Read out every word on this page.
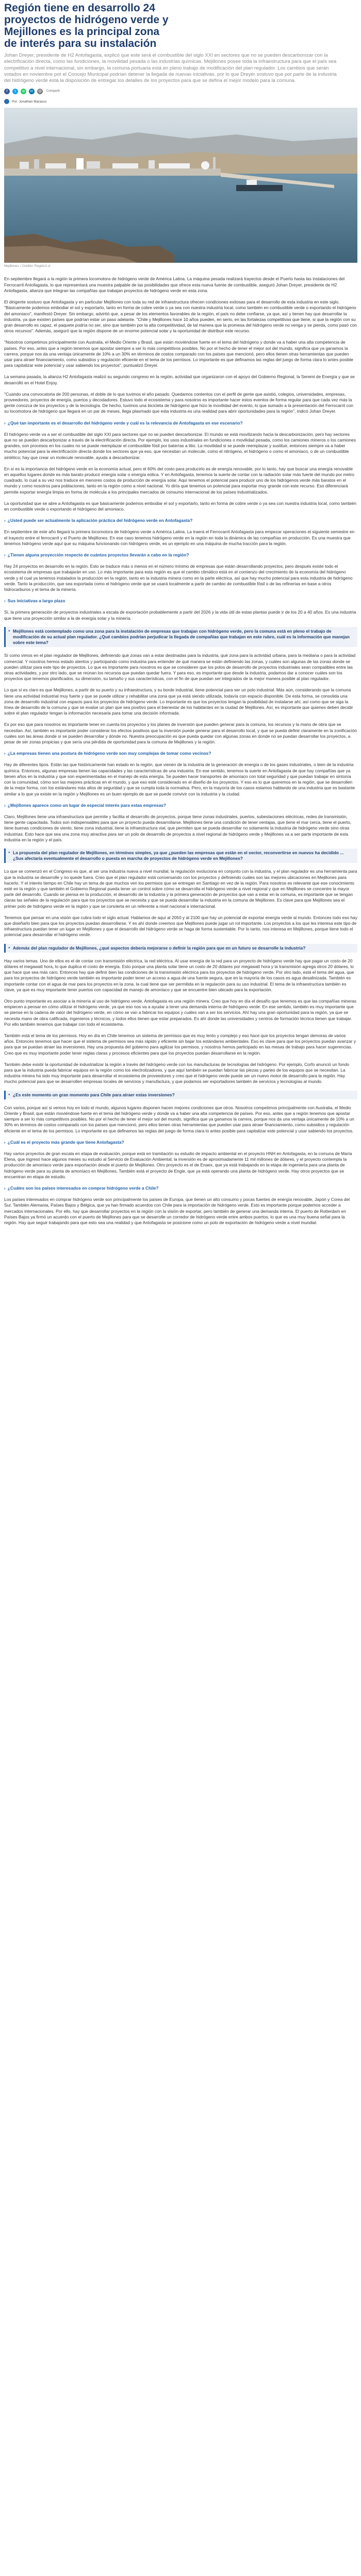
Región tiene en desarrollo 24 proyectos de hidrógeno verde y Mejillones es la principal zona de interés para su instalación

Johan Dreyer, presidente de H2 Antofagasta, explicó que este será el combustible del siglo XXI en sectores que no se pueden descarbonizar con la electrificación directa, como las fundiciones, la movilidad pesada o las industrias químicas. Mejillones posee toda la infraestructura para que el país sea competitivo a nivel internacional, sin embargo, la comuna portuaria está en pleno trabajo de modificación del plan regulador. Los cambios que serán votados en noviembre por el Concejo Municipal podrían detener la llegada de nuevas iniciativas, por lo que Dreyer sostuvo que por parte de la industria del hidrógeno verde está la disposición de entregar los detalles de los proyectos para que se defina el mejor modelo para la comuna.

f	t	w	in	@	Compartir
Por: Jonathan Marasco

Mejillones / Crédito: Región2.cl

En septiembre llegará a la región la primera locomotora de hidrógeno verde de América Latina. La máquina pesada realizará trayectos desde el Puerto hasta las instalaciones del Ferrocarril Antofagasta, lo que representará una muestra palpable de las posibilidades que ofrece esta nueva fuente de combustible, aseguró Johan Dreyer, presidente de H2 Antofagasta, alianza que integran las compañías que trabajan proyectos de hidrógeno verde en esta zona.

El dirigente sostuvo que Antofagasta y en particular Mejillones con toda su red de infraestructura ofrecen condiciones exitosas para el desarrollo de esta industria en este siglo. "Básicamente podemos embodiar el sol y exportarlo, tanto en forma de cobre verde o ya sea con nuestra industria local, como también en combustible verde o exportando el hidrógeno del amoniaco", manifestó Dreyer. Sin embargo, advirtió que, a pesar de los elementos favorables de la región, el país no debe confiarse, ya que, así y tienen hay que desarrollar la industria, ya que existen países que podrían estar un paso adelante. "Chile y Mejillones hace 10 años pueden, en serio, en las fortalezas competitivas que tiene, si que la región con su gran desarrollo es capaz, el paquete podría no ser, sino que también por la alta competitividad, de tal manera que la promesa del hidrógeno verde no venga y se pierda, como pasó con otros recursos". Además, aseguró que la región dispone de un enorme potencial solar y la oportunidad de distribuir este recurso.

"Nosotros competimos principalmente con Australia, el Medio Oriente y Brasil, que están moviéndose fuerte en el tema del hidrógeno y donde va a haber una alta competencia de países. Por eso, antes que a región tenemos que apostar siempre a ser lo más competitivos posibles. No por el hecho de tener el mejor sol del mundo, significa que ya ganamos la carrera, porque nos da una ventaja únicamente de 10% a un 30% en términos de costos comparado con los países que mencionó, pero ellos tienen otras herramientas que pueden usar para atraer financiamiento, como subsidios y regulación eficiente en el tema de los permisos. Lo importante es que definamos las reglas del juego de forma clara lo antes posible para capitalizar este potencial y usar sabiendo los proyectos", puntualizó Dreyer.

La semana pasada, la alianza H2 Antofagasta realizó su segundo congreso en la región, actividad que organizaron con el apoyo del Gobierno Regional, la Seremi de Energía y que se desarrolló en el Hotel Enjoy.

"Cuando una convocatoria de 200 personas, el doble de lo que tuvimos el año pasado. Quedamos contentos con el perfil de gente que asistió, colegios, universidades, empresas, proveedores, proyectos de energía, puertos y decodadores. Estuvo todo el ecosistema y para nosotros es importante hacer estos eventos de forma regular para que cada vez más la gente conozca de los proyectos y de la tecnología. De hecho, tuvimos una bicicleta de hidrógeno que hizo la movilidad del evento, lo que sumado a la presentación del Ferrocarril con su locomotora de hidrógeno que llegará en un par de meses, llega plasmado que esta industria es una realidad para abrir oportunidades para la región", indicó Johan Dreyer.

› ¿Qué tan importante es el desarrollo del hidrógeno verde y cuál es la relevancia de Antofagasta en ese escenario?

El hidrógeno verde va a ser el combustible del siglo XXI para sectores que no se pueden descarbonizar. El mundo se está movilizando hacia la descarbonización, pero hay sectores que no se pueden descarbonizar a través de la electrificación directa. Por ejemplo, los usos industriales en fundiciones o movilidad pesada, como los camiones mineros o los camiones grandes, son procesos en los cuales no se puede reemplazar el combustible fósil por baterías a litio. La movilidad si se puede reemplazar y sustituir, entonces siempre va a haber mucho potencial para la electrificación directa donde los sectores que ya eso, que necesitan un molecule, como el nitrógeno, el hidrógeno o como el amoniaco, o de un combustible sintético; hay que crear un molecule renovable, ayuda a descarbonizar.

En sí es la importancia del hidrógeno verde en la economía actual, pero el 60% del costo para producirlo es de energía renovable, por lo tanto, hay que buscar una energía renovable en aquellos lugares donde es más barato producir energía solar o energía eólica. Y en Antofagasta, tenemos la suerte de contar con la radiación solar más fuerte del mundo por metro cuadrado, lo cual a su vez nos traduce en menores costos de producción de energía solar. Aquí tenemos el potencial para producir uno de los hidrógenos verde más baratos en el mundo y como nosotros para poblaciones, tanto en la región como a nivel nacional. Yo diría que tenemos un potencial para exportar muy grande con este recurso. Eso diferenciará permite exportar energía limpia en forma de molécula a los principales mercados de consumo internacional de los países industrializados.

La oportunidad que se abre a Antofagasta es que básicamente podemos embodiar el sol y exportarlo, tanto en forma de cobre verde o ya sea con nuestra industria local, como también en combustible verde o exportando el hidrógeno del amoniaco.

› ¿Usted puede ser actualmente la aplicación práctica del hidrógeno verde en Antofagasta?

En septiembre de este año llegará la primera locomotora de hidrógeno verde a América Latina. La traerá el Ferrocarril Antofagasta para empezar operaciones el siguiente semestre en el trayecto entre el ferrocarril y el Puerto de Mejillones. En ese caso tenemos hidrógeno verde en la región en toda la dinámica de las compañías en producción. Es una muestra que tenemos hidrógeno verde aquí que su máquina funcionando con hidrógeno verde, es un ejemplo en una máquina de mucha tracción para la región.

› ¿Tienen alguna proyección respecto de cuántos proyectos llevarán a cabo en la región?

Hay 24 proyectos en desarrollo en la región. Esto se traduce más o menos en el número mínimo de empresas que están desarrollando proyectos, pero después existe todo el ecosistema de empresas que trabajarán en uso. Lo más importante para esta región es que el cambio climático está en el comienzo del crecimiento de la economía del hidrógeno verde y el cual ya tenemos instalados la producción en la región, tanto en la industria minera como en la parte eléctrica, así que hay mucho potencial para esta industria de hidrógeno verde. Tanto la producción, que sea exportada como el hidrógeno verde que se usará localmente a partir de cambio de combustible fósil o de las refinerías en base a otros hidrocarburos y el tema de la minería.

› Sus iniciativas a largo plazo

Sí, la primera generación de proyectos industriales a escala de exportación probablemente a partir del 2026 y la vida útil de estas plantas puede ir de los 20 a 40 años. Es una industria que tiene una proyección similar a la de energía solar y la minería.

● Mejillones está contemplado como una zona para la instalación de empresas que trabajan con hidrógeno verde, pero la comuna está en pleno el trabajo de modificación de su actual plan regulador. ¿Qué cambios podrían perjudicar la llegada de compañías que trabajan en este rubro, cuál es la información que manejan sobre este tema?

Sí como vimos en el plan regulador de Mejillones, definiendo qué zonas van a estar destinadas para la industria, qué zona para la actividad urbana, para la mediana o para la actividad comercial. Y nosotros hemos estado atentos y participando como industria para entender de qué manera se están definiendo las zonas, y cuáles son algunas de las zonas donde se pueden utilizar para este tipo de proyectos. Lo que es importante para nosotros es que se consideren que los polos de desarrollo de proyectos industriales sean compatibles entre las otras actividades, y por otro lado, que se reúnan los recursos que puedan quedar fuera. Y para eso, es importante que desde la industria, podamos dar a conocer cuáles son los proyectos que tenemos planificados, su dimensión, su tamaño y sus características, con el fin de que puedan ser integrados de la mejor manera posible al plan regulador.

Lo que sí es claro es que Mejillones, a partir de su puerto y su infraestructura, y su borde industrial, tiene potencial para ser un polo industrial. Más aún, considerando que la comuna tiene una actividad industrial muy fuerte y que se puede utilizar y rehabilitar una zona que ya está siendo utilizada, todavía con espacio disponible. De esta forma, se consolida una zona de desarrollo industrial con espacio para los proyectos de hidrógeno verde. Lo importante es que los proyectos tengan la posibilidad de instalarse ahí, así como que se siga la línea de desarrollo de la comuna y que se evalúe un plan que sea positivo para el bienestar de los habitantes en la ciudad de Mejillones. Así, es importante que quienes deben decidir sobre el plan regulador tengan la información necesaria para tomar una decisión informada.

Es por eso que para nosotros es importante tener en cuenta los proyectos y los planes de inversión que pueden generar para la comuna, los recursos y la mano de obra que se necesitan. Así, también es importante poder considerar los efectos positivos que la inversión puede generar para el desarrollo local, y que se pueda definir claramente en la zonificación cuáles son las áreas donde sí se pueden desarrollar y dónde no. Nuestra preocupación es que pueda quedar con algunas zonas en donde no se puedan desarrollar los proyectos, a pesar de ser zonas propicias y que sería una pérdida de oportunidad para la comuna de Mejillones y la región.

› ¿La empresas tienen una postura de hidrógeno verde son muy complejas de tomar como vecinos?

Hay de diferentes tipos. Están las que históricamente han estado en la región, que vienen de la industria de la generación de energía o de los gases industriales, o bien de la industria química. Entonces, algunas empresas tienen las capacidades y las características de una industria. En ese sentido, tenemos la suerte en Antofagasta de que hay compañías que ya tienen años en la industria y que son experimentadas en el manejo de esta energía. Se pueden hacer transportes de amoníaco con total seguridad y que puedan trabajar en sintonía con la comunidad, cómo son las mejores prácticas en el mundo, y que eso esté considerado en el diseño de los proyectos. Y eso es lo que queremos en la región, que se desarrollen de la mejor forma, con los estándares más altos de seguridad y que se cumpla toda la normativa. Pero, en la mayoría de los casos estamos hablando de una industria que es bastante similar a lo que ya existe en la región y Mejillones es un buen ejemplo de que se puede convivir con la industria y la ciudad.

› ¿Mejillones aparece como un lugar de especial interés para estas empresas?

Claro, Mejillones tiene una infraestructura que permite y facilita el desarrollo de proyectos, porque tiene zonas industriales, puertos, subestaciones eléctricas, redes de transmisión, tiene gente capacitada. Todos son indispensables para que un proyecto pueda desarrollarse. Mejillones tiene una condición de tener ventajas, que tiene el mar cerca, tiene el puerto, tiene buenas condiciones de viento, tiene zona industrial, tiene la infraestructura vial, que permiten que se pueda desarrollar no solamente la industria de hidrógeno verde sino otras industrias. Esto hace que sea una zona muy atractiva para ser un polo de desarrollo de proyectos a nivel regional de hidrógeno verde y Mejillones va a ser parte importante de esta industria en la región y el país.

● La propuesta del plan regulador de Mejillones, en términos simples, ya que ¿pueden las empresas que están en el sector, reconvertirse en nuevos ha decidido ... ¿Sus afectaría eventualmente el desarrollo o puesta en marcha de proyectos de hidrógeno verde en Mejillones?

Lo que se comenzó en el Congreso es que, al ser una industria nueva a nivel mundial, la regulación evoluciona en conjunto con la industria, y el plan regulador es una herramienta para que la industria se desarrolle y no quede fuera. Creo que el plan regulador está conversando con los proyectos y definiendo cuáles son las mejores ubicaciones en Mejillones para hacerlo. Y el interés tiempo en Chile hay un tema de que muchos ven los permisos que se entregan en Santiago en vez de la región. Para nosotros es relevante que ese conocimiento esté en la región y que también el Gobierno Regional pueda tener un control sobre cómo se desarrolla el hidrógeno verde a nivel regional y que en Mejillones se concentre la mayor parte del desarrollo. Cuando se piensa en la producción, el desarrollo de la industria y la primera generación de proyectos que van a estar en la comuna, es importante que se tengan claras las señales de la regulación para que los proyectos que se necesita y que se pueda desarrollar la industria en la comuna de Mejillones. Es clave para que Mejillones sea el primer polo de hidrógeno verde en la región y que se convierta en un referente a nivel nacional e internacional.

Tenemos que pensar en una visión que cubra todo el siglo actual. Hablamos de aquí al 2050 y al 2100 que hay un potencial de exportar energía verde al mundo. Entonces todo eso hay que diseñarlo bien para que los proyectos puedan desarrollarse. Y es ahí donde creemos que Mejillones puede jugar un rol importante. Los proyectos a los que les interesa este tipo de infraestructura puedan tener un lugar en Mejillones y que el desarrollo del hidrógeno verde se haga de forma sustentable. Por lo tanto, nos interesa en Mejillones, porque tiene todo el potencial para desarrollar el hidrógeno verde.

● Además del plan regulador de Mejillones, ¿qué aspectos debería mejorarse o definir la región para que en un futuro se desarrolle la industria?

Hay varios temas. Uno de ellos es el de contar con transmisión eléctrica, la red eléctrica. Al usar energía de la red para un proyecto de hidrógeno verde hay que pagar un costo de 20 dólares el megawatt hora, lo que duplica el costo de energía. Esto porque una planta solar tiene un costo de 20 dólares por megawatt hora y la transmisión agrega otros 20 dólares, lo que hace que sea más caro. Entonces hay que definir bien las condiciones de la transmisión eléctrica para los proyectos de hidrógeno verde. Por otro lado, está el tema del agua, que para los proyectos de hidrógeno verde también es importante poder tener un acceso a agua de una fuente segura, que en la mayoría de los casos es agua desalinizada. También es importante contar con el agua de mar para los proyectos en la zona, la cual tiene que ser permitida en la regulación para su uso industrial. El tema de la infraestructura también es clave, ya que es muy importante tener puertos con capacidad de manejo de amoníaco y que se encuentre bien ubicado para la exportación.

Otro punto importante es asociar a la minería al uso de hidrógeno verde. Antofagasta es una región minera. Creo que hoy en día el desafío que tenemos es que las compañías mineras empiecen a pensar en cómo utilizar el hidrógeno verde, ya que eso nos va a ayudar a tener una demanda interna de hidrógeno verde. En ese sentido, también es muy importante que se piense en la cadena de valor del hidrógeno verde, en cómo se van a fabricar los equipos y cuáles van a ser los servicios. Ahí hay una gran oportunidad para la región, ya que se necesita mano de obra calificada, ingenieros y técnicos, y todos ellos tienen que estar preparados. Es ahí donde las universidades y centros de formación técnica tienen que trabajar. Por ello también tenemos que trabajar con todo el ecosistema.

También está el tema de los permisos. Hoy en día en Chile tenemos un sistema de permisos que es muy lento y complejo y eso hace que los proyectos tengan demoras de varios años. Entonces tenemos que hacer que el sistema de permisos sea más rápido y eficiente sin bajar los estándares ambientales. Eso es clave para que los proyectos puedan avanzar y para que se puedan atraer las inversiones. Hay una propuesta del gobierno para agilizar los permisos, y nosotros hemos participado en las mesas de trabajo para hacer sugerencias. Creo que es muy importante poder tener reglas claras y procesos eficientes para que los proyectos puedan desarrollarse en la región.

También debe existir la oportunidad de industrializar la región a través del hidrógeno verde con los manufacturas de tecnologías del hidrógeno. Por ejemplo, Corfo anunció un fondo para que la industria pueda fabricar equipos en la región como los electrolizadores, y que aquí también se puedan fabricar las piezas y partes de los equipos que se necesitan. La industria minera ha sido muy importante para desarrollar el ecosistema de proveedores y creo que el hidrógeno verde puede ser un nuevo motor de desarrollo para la región. Hay mucho potencial para que se desarrollen empresas locales de servicios y manufactura, y que podamos ser exportadores también de servicios y tecnologías al mundo.

● ¿Es este momento un gran momento para Chile para atraer estas inversiones?

Con varios, porque así si vemos hoy en todo el mundo, algunos lugares disponen hacen mejores condiciones que otros. Nosotros competimos principalmente con Australia, el Medio Oriente y Brasil, que están moviéndose fuerte en el tema del hidrógeno verde y donde va a haber una alta competencia de países. Por eso, antes que a región tenemos que apostar siempre a ser lo más competitivos posibles. No por el hecho de tener el mejor sol del mundo, significa que ya ganamos la carrera, porque nos da una ventaja únicamente de 10% a un 30% en términos de costos comparado con los países que mencionó, pero ellos tienen otras herramientas que pueden usar para atraer financiamiento, como subsidios y regulación eficiente en el tema de los permisos. Lo importante es que definamos las reglas del juego de forma clara lo antes posible para capitalizar este potencial y usar sabiendo los proyectos.

› ¿Cuál es el proyecto más grande que tiene Antofagasta?

Hay varios proyectos de gran escala en etapa de evaluación, porque está en tramitación su estudio de impacto ambiental en el proyecto HNH en Antofagasta, en la comuna de María Elena, que ingresó hace algunos meses su estudio al Servicio de Evaluación Ambiental; la inversión es de aproximadamente 11 mil millones de dólares, y el proyecto contempla la producción de amoníaco verde para exportación desde el puerto de Mejillones. Otro proyecto es el de Enaex, que ya está trabajando en la etapa de ingeniería para una planta de hidrógeno verde para su planta de amoníaco en Mejillones. También está el proyecto de Engie, que ya está operando una planta de hidrógeno verde. Hay otros proyectos que se encuentran en etapa de estudio.

› ¿Cuáles son los países interesados en comprar hidrógeno verde a Chile?

Los países interesados en comprar hidrógeno verde son principalmente los países de Europa, que tienen un alto consumo y pocas fuentes de energía renovable, Japón y Corea del Sur. También Alemania, Países Bajos y Bélgica, que ya han firmado acuerdos con Chile para la importación de hidrógeno verde. Esto es importante porque podemos acceder a mercados internacionales. Por ello, hay que desarrollar proyectos en la región con la visión de exportar, pero también de generar una demanda interna. El puerto de Rotterdam en Países Bajos ya firmó un acuerdo con el puerto de Mejillones para que se desarrolle un corredor de hidrógeno verde entre ambos puertos, lo que es una muy buena señal para la región. Hay que seguir trabajando para que esto sea una realidad y que Antofagasta se posicione como un polo de exportación de hidrógeno verde a nivel mundial.
